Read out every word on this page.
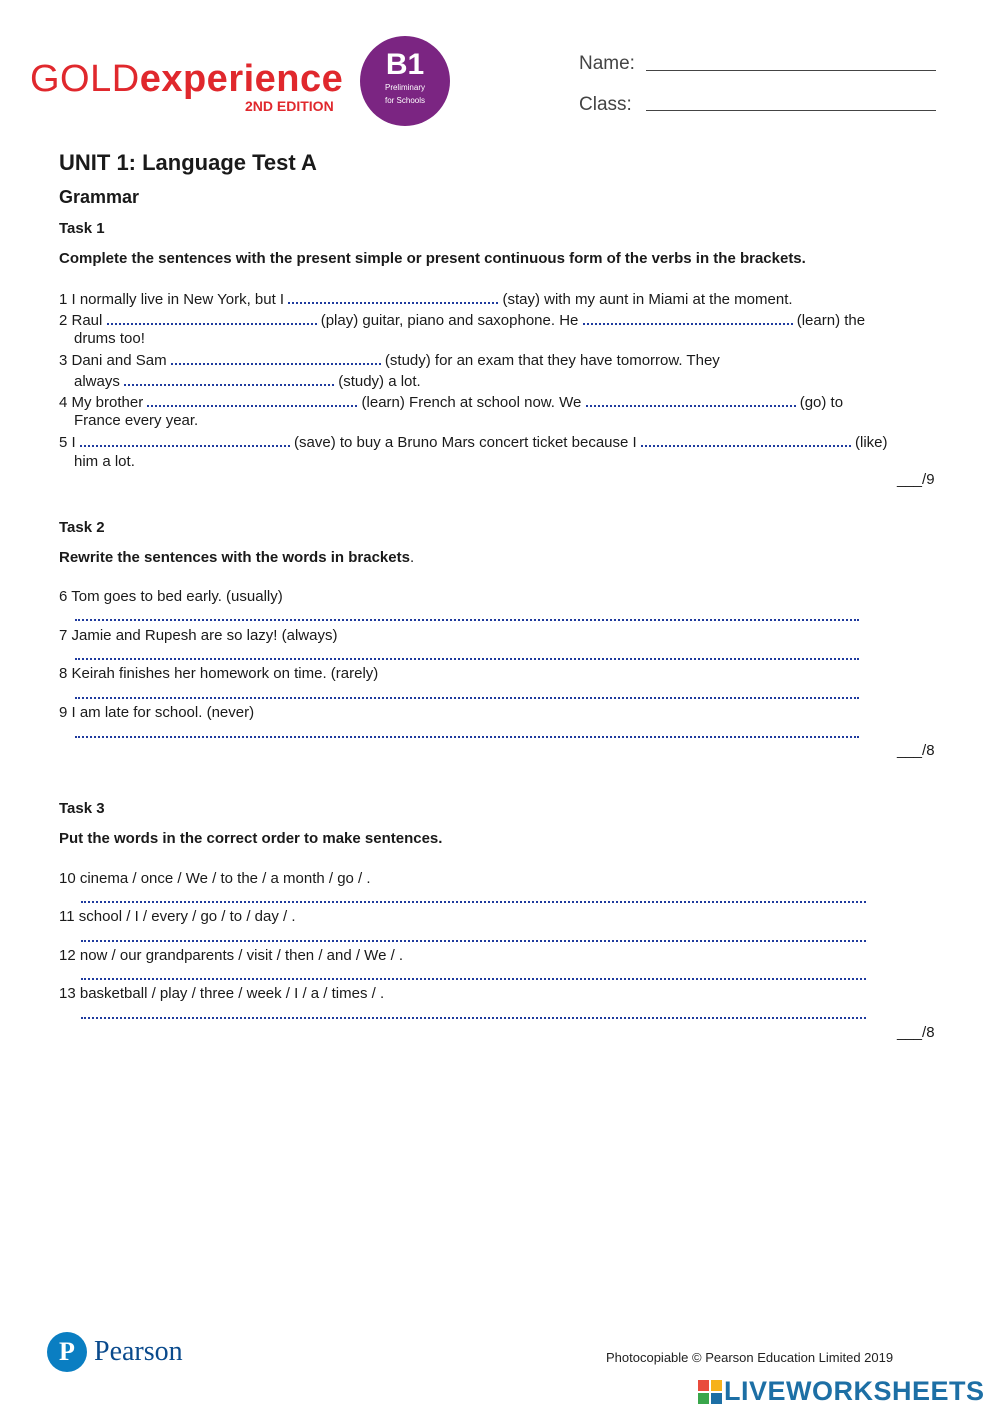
GOLDexperience
2ND EDITION
B1
Preliminary
for Schools
Name:
Class:
UNIT 1: Language Test A
Grammar
Task 1
Complete the sentences with the present simple or present continuous form of the verbs in the brackets.
1 I normally live in New York, but I	(stay) with my aunt in Miami at the moment.
2 Raul	(play) guitar, piano and saxophone. He	(learn) the
drums too!
3 Dani and Sam	(study) for an exam that they have tomorrow. They
always	(study) a lot.
4 My brother	(learn) French at school now. We	(go) to
France every year.
5 I	(save) to buy a Bruno Mars concert ticket because I	(like)
him a lot.
___/9
Task 2
Rewrite the sentences with the words in brackets.
6 Tom goes to bed early. (usually)
7 Jamie and Rupesh are so lazy! (always)
8 Keirah finishes her homework on time. (rarely)
9 I am late for school. (never)
___/8
Task 3
Put the words in the correct order to make sentences.
10 cinema / once / We / to the / a month / go / .
11 school / I / every / go / to / day / .
12 now / our grandparents / visit / then / and / We / .
13 basketball / play / three / week / I / a / times / .
___/8
P Pearson	Photocopiable © Pearson Education Limited 2019
LIVEWORKSHEETS
